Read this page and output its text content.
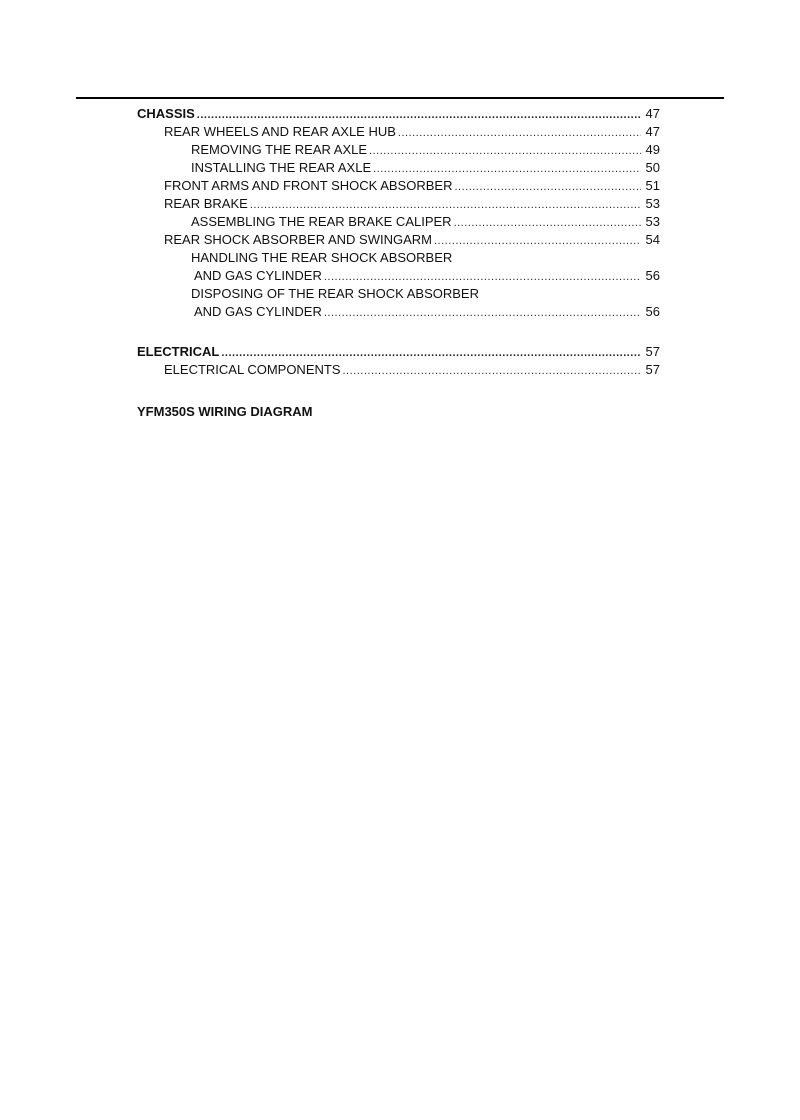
CHASSIS .....	47
REAR WHEELS AND REAR AXLE HUB .....	47
REMOVING THE REAR AXLE .....	49
INSTALLING THE REAR AXLE .....	50
FRONT ARMS AND FRONT SHOCK ABSORBER .....	51
REAR BRAKE .....	53
ASSEMBLING THE REAR BRAKE CALIPER .....	53
REAR SHOCK ABSORBER AND SWINGARM .....	54
HANDLING THE REAR SHOCK ABSORBER
AND GAS CYLINDER .....	56
DISPOSING OF THE REAR SHOCK ABSORBER
AND GAS CYLINDER .....	56
ELECTRICAL .....	57
ELECTRICAL COMPONENTS .....	57
YFM350S WIRING DIAGRAM
